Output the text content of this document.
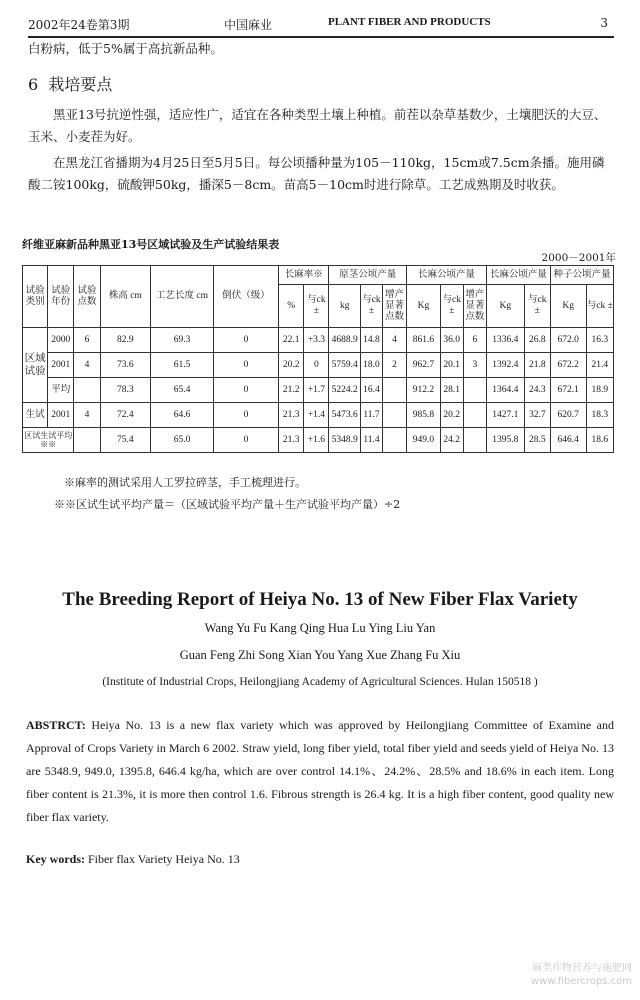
2002年24卷第3期	中国麻业	PLANT FIBER AND PRODUCTS	3
白粉病，低于5%属于高抗新品种。
6 栽培要点
黑亚13号抗逆性强，适应性广，适宜在各种类型土壤上种植。前茬以杂草基数少，土壤肥沃的大豆、玉米、小麦茬为好。
在黑龙江省播期为4月25日至5月5日。每公顷播种量为105－110kg，15cm或7.5cm条播。施用磷酸二铵100kg，硫酸钾50kg，播深5－8cm。苗高5－10cm时进行除草。工艺成熟期及时收获。
纤维亚麻新品种黑亚13号区域试验及生产试验结果表
2000－2001年
试验类别	试验年份	试验点数	株高 cm	工艺长度 cm	倒伏（级）	长麻率※		原茎公顷产量			长麻公顷产量			长麻公顷产量		种子公顷产量	
						%	与ck ±	kg	与ck ±	增产显著点数	Kg	与ck ±	增产显著点数	Kg	与ck ±	Kg	与ck ±
区域试验	2000	6	82.9	69.3	0	22.1	+3.3	4688.9	14.8	4	861.6	36.0	6	1336.4	26.8	672.0	16.3
	2001	4	73.6	61.5	0	20.2	0	5759.4	18.0	2	962.7	20.1	3	1392.4	21.8	672.2	21.4
	平均		78.3	65.4	0	21.2	+1.7	5224.2	16.4		912.2	28.1		1364.4	24.3	672.1	18.9
生试	2001	4	72.4	64.6	0	21.3	+1.4	5473.6	11.7		985.8	20.2		1427.1	32.7	620.7	18.3
区试生试平均※※			75.4	65.0	0	21.3	+1.6	5348.9	11.4		949.0	24.2		1395.8	28.5	646.4	18.6
※麻率的测试采用人工罗拉碎茎，手工梳理进行。
※※区试生试平均产量＝（区域试验平均产量＋生产试验平均产量）÷2
The Breeding Report of Heiya No. 13 of New Fiber Flax Variety
Wang Yu Fu Kang Qing Hua Lu Ying Liu Yan
Guan Feng Zhi Song Xian You Yang Xue Zhang Fu Xiu
(Institute of Industrial Crops, Heilongjiang Academy of Agricultural Sciences. Hulan 150518 )
ABSTRCT: Heiya No. 13 is a new flax variety which was approved by Heilongjiang Committee of Examine and Approval of Crops Variety in March 6 2002. Straw yield, long fiber yield, total fiber yield and seeds yield of Heiya No. 13 are 5348.9, 949.0, 1395.8, 646.4 kg/ha, which are over control 14.1%、24.2%、28.5% and 18.6% in each item. Long fiber content is 21.3%, it is more then control 1.6. Fibrous strength is 26.4 kg. It is a high fiber content, good quality new fiber flax variety.
Key words: Fiber flax Variety Heiya No. 13
麻类作物营养与施肥网
www.fibercrops.com
